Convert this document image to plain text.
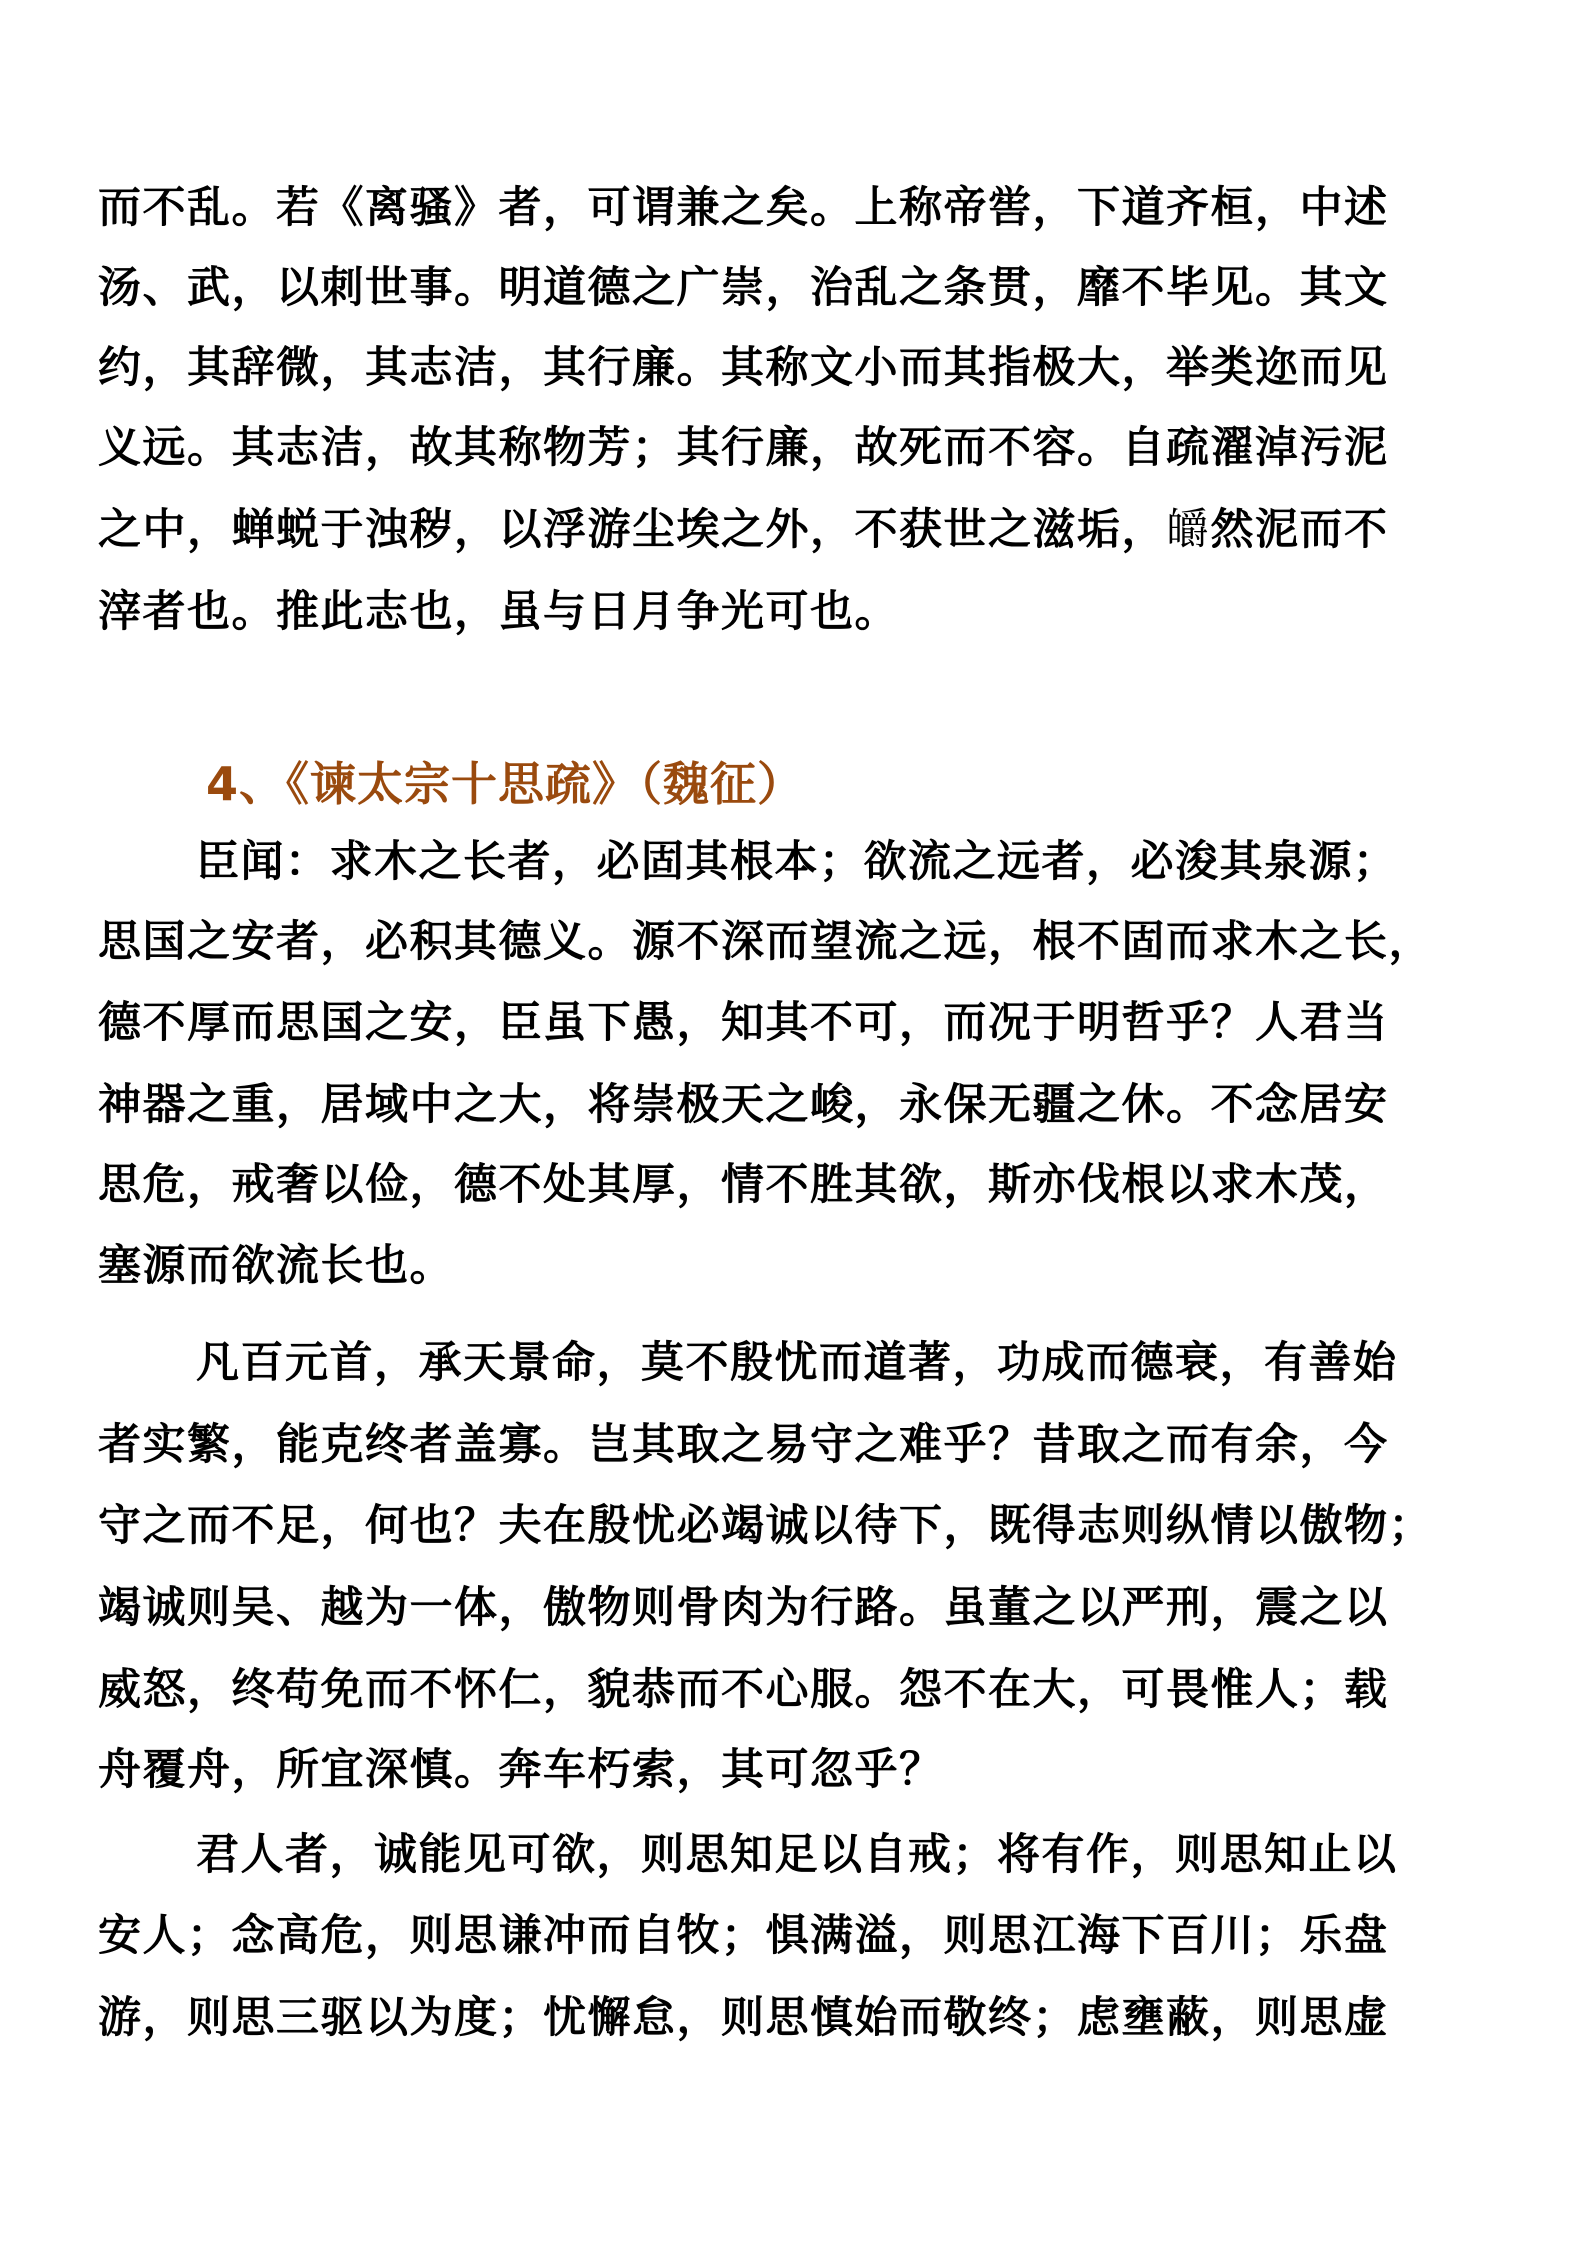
而不乱。若《离骚》者，可谓兼之矣。上称帝喾，下道齐桓，中述
汤、武，以刺世事。明道德之广崇，治乱之条贯，靡不毕见。其文
约，其辞微，其志洁，其行廉。其称文小而其指极大，举类迩而见
义远。其志洁，故其称物芳；其行廉，故死而不容。自疏濯淖污泥
之中，蝉蜕于浊秽，以浮游尘埃之外，不获世之滋垢，皭然泥而不
滓者也。推此志也，虽与日月争光可也。
4、《谏太宗十思疏》（魏征）
臣闻：求木之长者，必固其根本；欲流之远者，必浚其泉源；
思国之安者，必积其德义。源不深而望流之远，根不固而求木之长，
德不厚而思国之安，臣虽下愚，知其不可，而况于明哲乎？人君当
神器之重，居域中之大，将崇极天之峻，永保无疆之休。不念居安
思危，戒奢以俭，德不处其厚，情不胜其欲，斯亦伐根以求木茂，
塞源而欲流长也。
凡百元首，承天景命，莫不殷忧而道著，功成而德衰，有善始
者实繁，能克终者盖寡。岂其取之易守之难乎？昔取之而有余，今
守之而不足，何也？夫在殷忧必竭诚以待下，既得志则纵情以傲物；
竭诚则吴、越为一体，傲物则骨肉为行路。虽董之以严刑，震之以
威怒，终苟免而不怀仁，貌恭而不心服。怨不在大，可畏惟人；载
舟覆舟，所宜深慎。奔车朽索，其可忽乎？
君人者，诚能见可欲，则思知足以自戒；将有作，则思知止以
安人；念高危，则思谦冲而自牧；惧满溢，则思江海下百川；乐盘
游，则思三驱以为度；忧懈怠，则思慎始而敬终；虑壅蔽，则思虚
